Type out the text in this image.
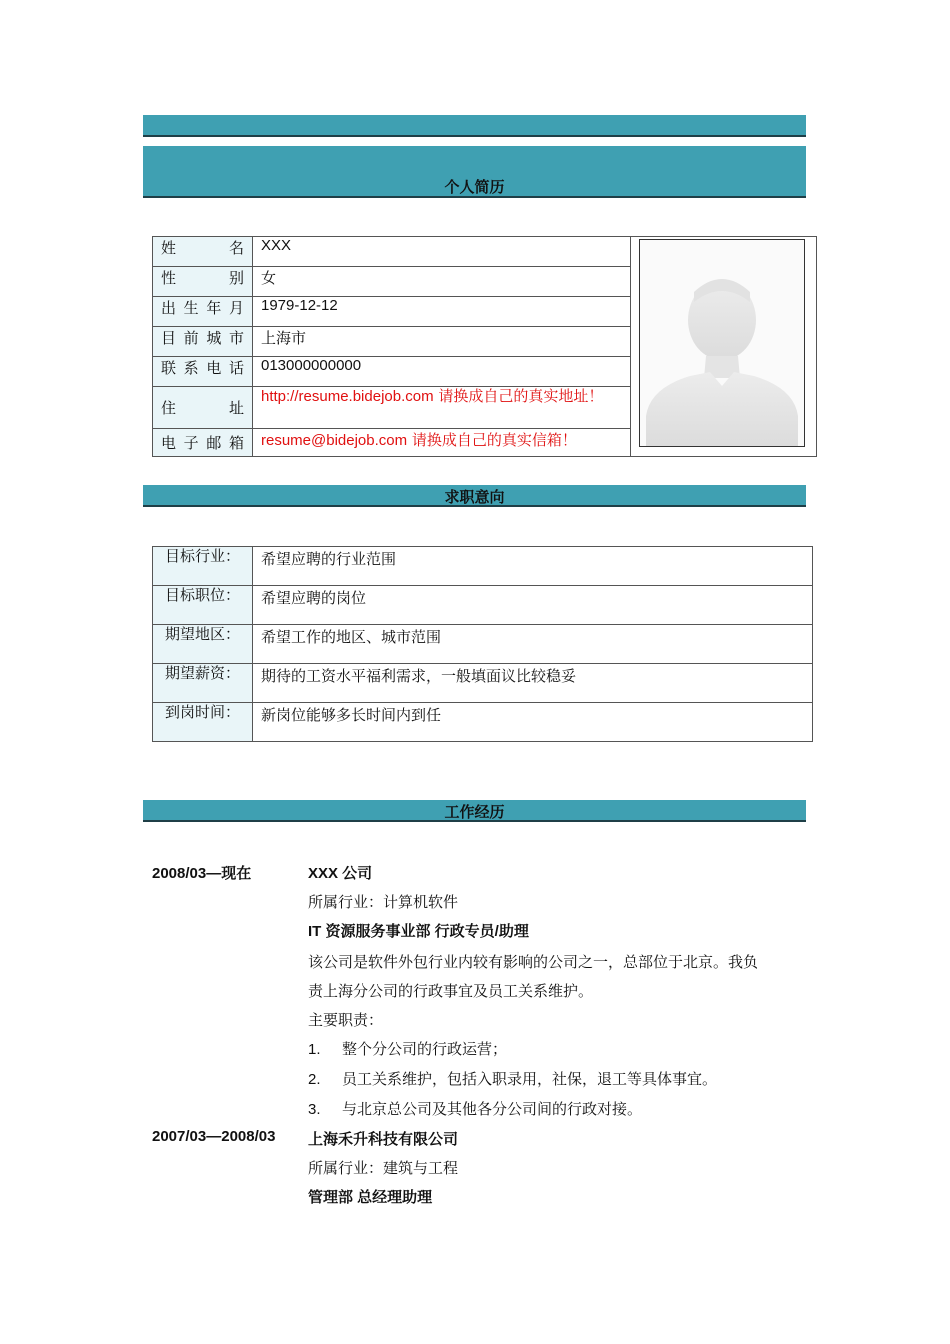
个人简历
姓名	XXX	

性别	女	
出生年月	1979-12-12	
目前城市	上海市	
联系电话	013000000000	
住址	http://resume.bidejob.com 请换成自己的真实地址！	
电子邮箱	resume@bidejob.com 请换成自己的真实信箱！	
求职意向
目标行业：	希望应聘的行业范围
目标职位：	希望应聘的岗位
期望地区：	希望工作的地区、城市范围
期望薪资：	期待的工资水平福利需求，一般填面议比较稳妥
到岗时间：	新岗位能够多长时间内到任
工作经历
2008/03—现在	XXX 公司
所属行业：计算机软件
IT 资源服务事业部 行政专员/助理
该公司是软件外包行业内较有影响的公司之一，总部位于北京。我负
责上海分公司的行政事宜及员工关系维护。
主要职责：
1. 整个分公司的行政运营；
2. 员工关系维护，包括入职录用，社保，退工等具体事宜。
3. 与北京总公司及其他各分公司间的行政对接。
2007/03—2008/03 上海禾升科技有限公司
所属行业：建筑与工程
管理部 总经理助理
